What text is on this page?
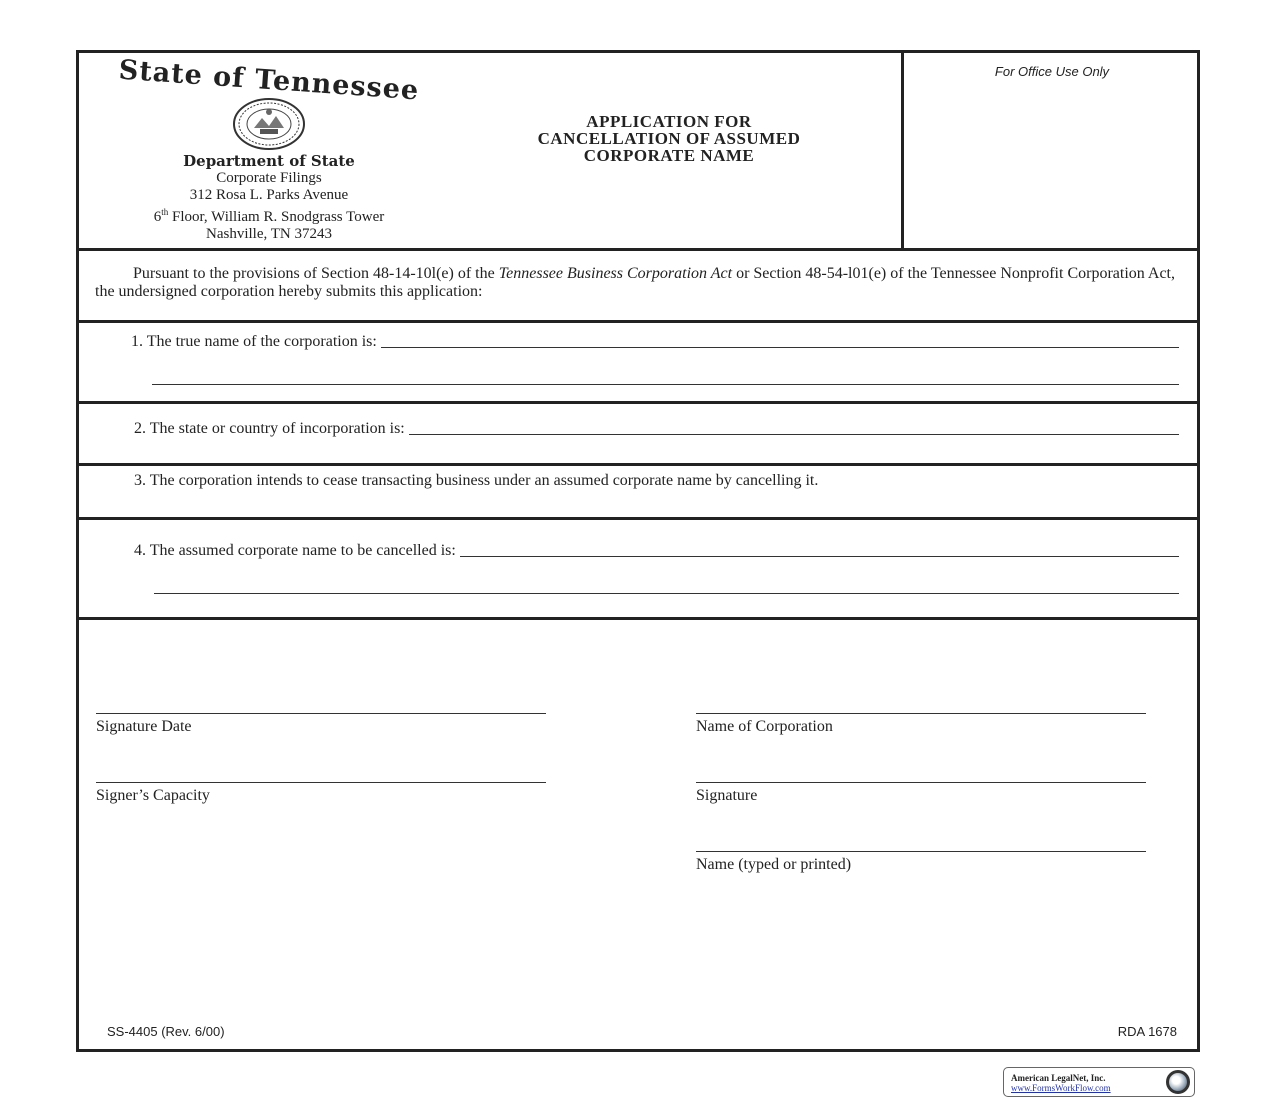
State of Tennessee
Department of State
Corporate Filings
312 Rosa L. Parks Avenue
6th Floor, William R. Snodgrass Tower
Nashville, TN 37243
APPLICATION FOR
CANCELLATION OF ASSUMED
CORPORATE NAME
For Office Use Only

Pursuant to the provisions of Section 48-14-10l(e) of the Tennessee Business Corporation Act or Section 48-54-l01(e) of the Tennessee Nonprofit Corporation Act, the undersigned corporation hereby submits this application:

1. The true name of the corporation is:
2. The state or country of incorporation is:
3. The corporation intends to cease transacting business under an assumed corporate name by cancelling it.
4. The assumed corporate name to be cancelled is:
Signature Date	Name of Corporation
Signer’s Capacity	Signature
Name (typed or printed)
SS-4405 (Rev. 6/00)	RDA 1678
American LegalNet, Inc.
www.FormsWorkFlow.com
